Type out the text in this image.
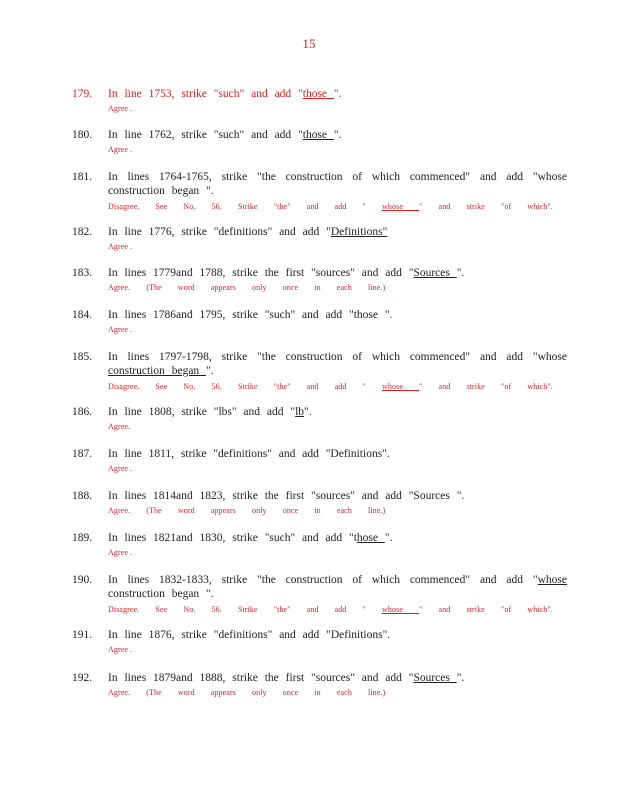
15
179. In line 1753, strike "such" and add "those ".
Agree .
180. In line 1762, strike "such" and add "those ".
Agree .
181. In lines 1764-1765, strike "the construction of which commenced" and add "whose
construction began ".
Disagree. See No. 56. Strike "the" and add " whose " and strike "of which".
182. In line 1776, strike "definitions" and add "Definitions"
Agree .
183. In lines 1779and 1788, strike the first "sources" and add "Sources ".
Agree. (The word appears only once in each line.)
184. In lines 1786and 1795, strike "such" and add "those ".
Agree .
185. In lines 1797-1798, strike "the construction of which commenced" and add "whose
construction began ".
Disagree. See No. 56. Strike "the" and add " whose " and strike "of which".
186. In line 1808, strike "lbs" and add "lb".
Agree.
187. In line 1811, strike "definitions" and add "Definitions".
Agree .
188. In lines 1814and 1823, strike the first "sources" and add "Sources ".
Agree. (The word appears only once in each line.)
189. In lines 1821and 1830, strike "such" and add "those ".
Agree .
190. In lines 1832-1833, strike "the construction of which commenced" and add "whose
construction began ".
Disagree. See No. 56. Strike "the" and add " whose " and strike "of which".
191. In line 1876, strike "definitions" and add "Definitions".
Agree .
192. In lines 1879and 1888, strike the first "sources" and add "Sources ".
Agree. (The word appears only once in each line.)
